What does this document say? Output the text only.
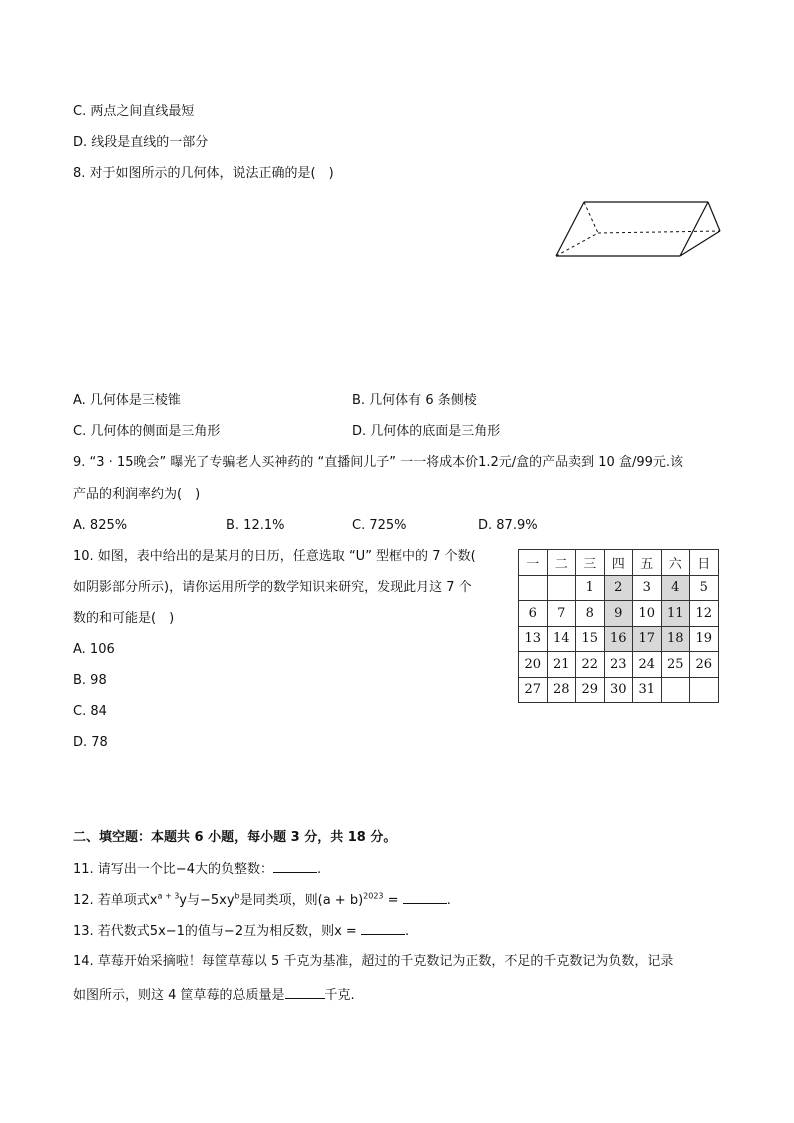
C. 两点之间直线最短
D. 线段是直线的一部分
8. 对于如图所示的几何体，说法正确的是(　)
A. 几何体是三棱锥	B. 几何体有 6 条侧棱
C. 几何体的侧面是三角形	D. 几何体的底面是三角形
9. “3 · 15晚会” 曝光了专骗老人买神药的 “直播间儿子” 一一将成本价1.2元/盒的产品卖到 10 盒/99元.该
产品的利润率约为(　)
A. 825%	B. 12.1%	C. 725%	D. 87.9%
10. 如图，表中给出的是某月的日历，任意选取 “U” 型框中的 7 个数(
如阴影部分所示)，请你运用所学的数学知识来研究，发现此月这 7 个
数的和可能是(　)
A. 106
B. 98
C. 84
D. 78
一	二	三	四	五	六	日
		1	2	3	4	5
6	7	8	9	10	11	12
13	14	15	16	17	18	19
20	21	22	23	24	25	26
27	28	29	30	31		
二、填空题：本题共 6 小题，每小题 3 分，共 18 分。
11. 请写出一个比−4大的负整数：	.
12. 若单项式$x^{a + 3}y$与$-5xy^b$是同类项，则$(a + b)^{2023}$ =	.
13. 若代数式5x−1的值与−2互为相反数，则x =	.
14. 草莓开始采摘啦！每筐草莓以 5 千克为基准，超过的千克数记为正数，不足的千克数记为负数，记录
如图所示，则这 4 筐草莓的总质量是	千克.
